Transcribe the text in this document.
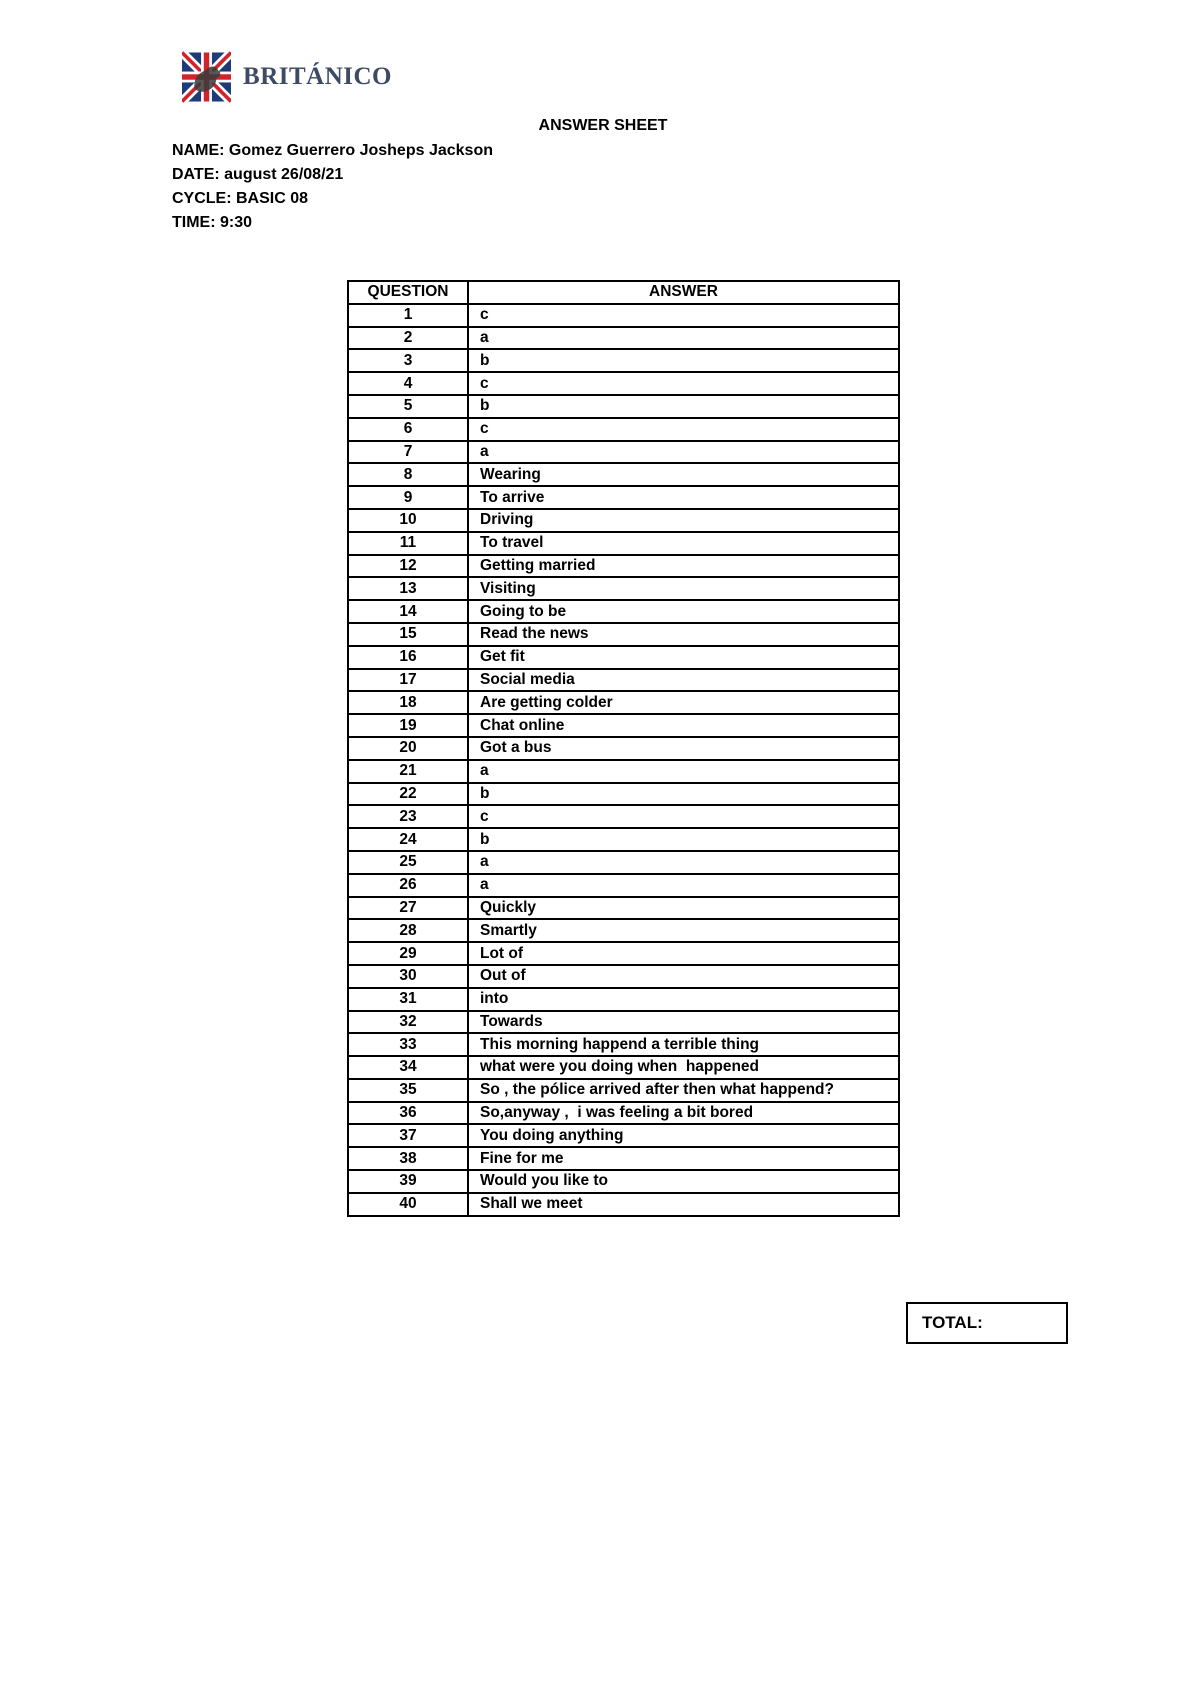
BRITÁNICO
ANSWER SHEET
NAME: Gomez Guerrero Josheps Jackson
DATE: august 26/08/21
CYCLE: BASIC 08
TIME: 9:30
QUESTION	ANSWER
1	c
2	a
3	b
4	c
5	b
6	c
7	a
8	Wearing
9	To arrive
10	Driving
11	To travel
12	Getting married
13	Visiting
14	Going to be
15	Read the news
16	Get fit
17	Social media
18	Are getting colder
19	Chat online
20	Got a bus
21	a
22	b
23	c
24	b
25	a
26	a
27	Quickly
28	Smartly
29	Lot of
30	Out of
31	into
32	Towards
33	This morning happend a terrible thing
34	what were you doing when  happened
35	So , the pólice arrived after then what happend?
36	So,anyway ,  i was feeling a bit bored
37	You doing anything
38	Fine for me
39	Would you like to
40	Shall we meet
TOTAL:
